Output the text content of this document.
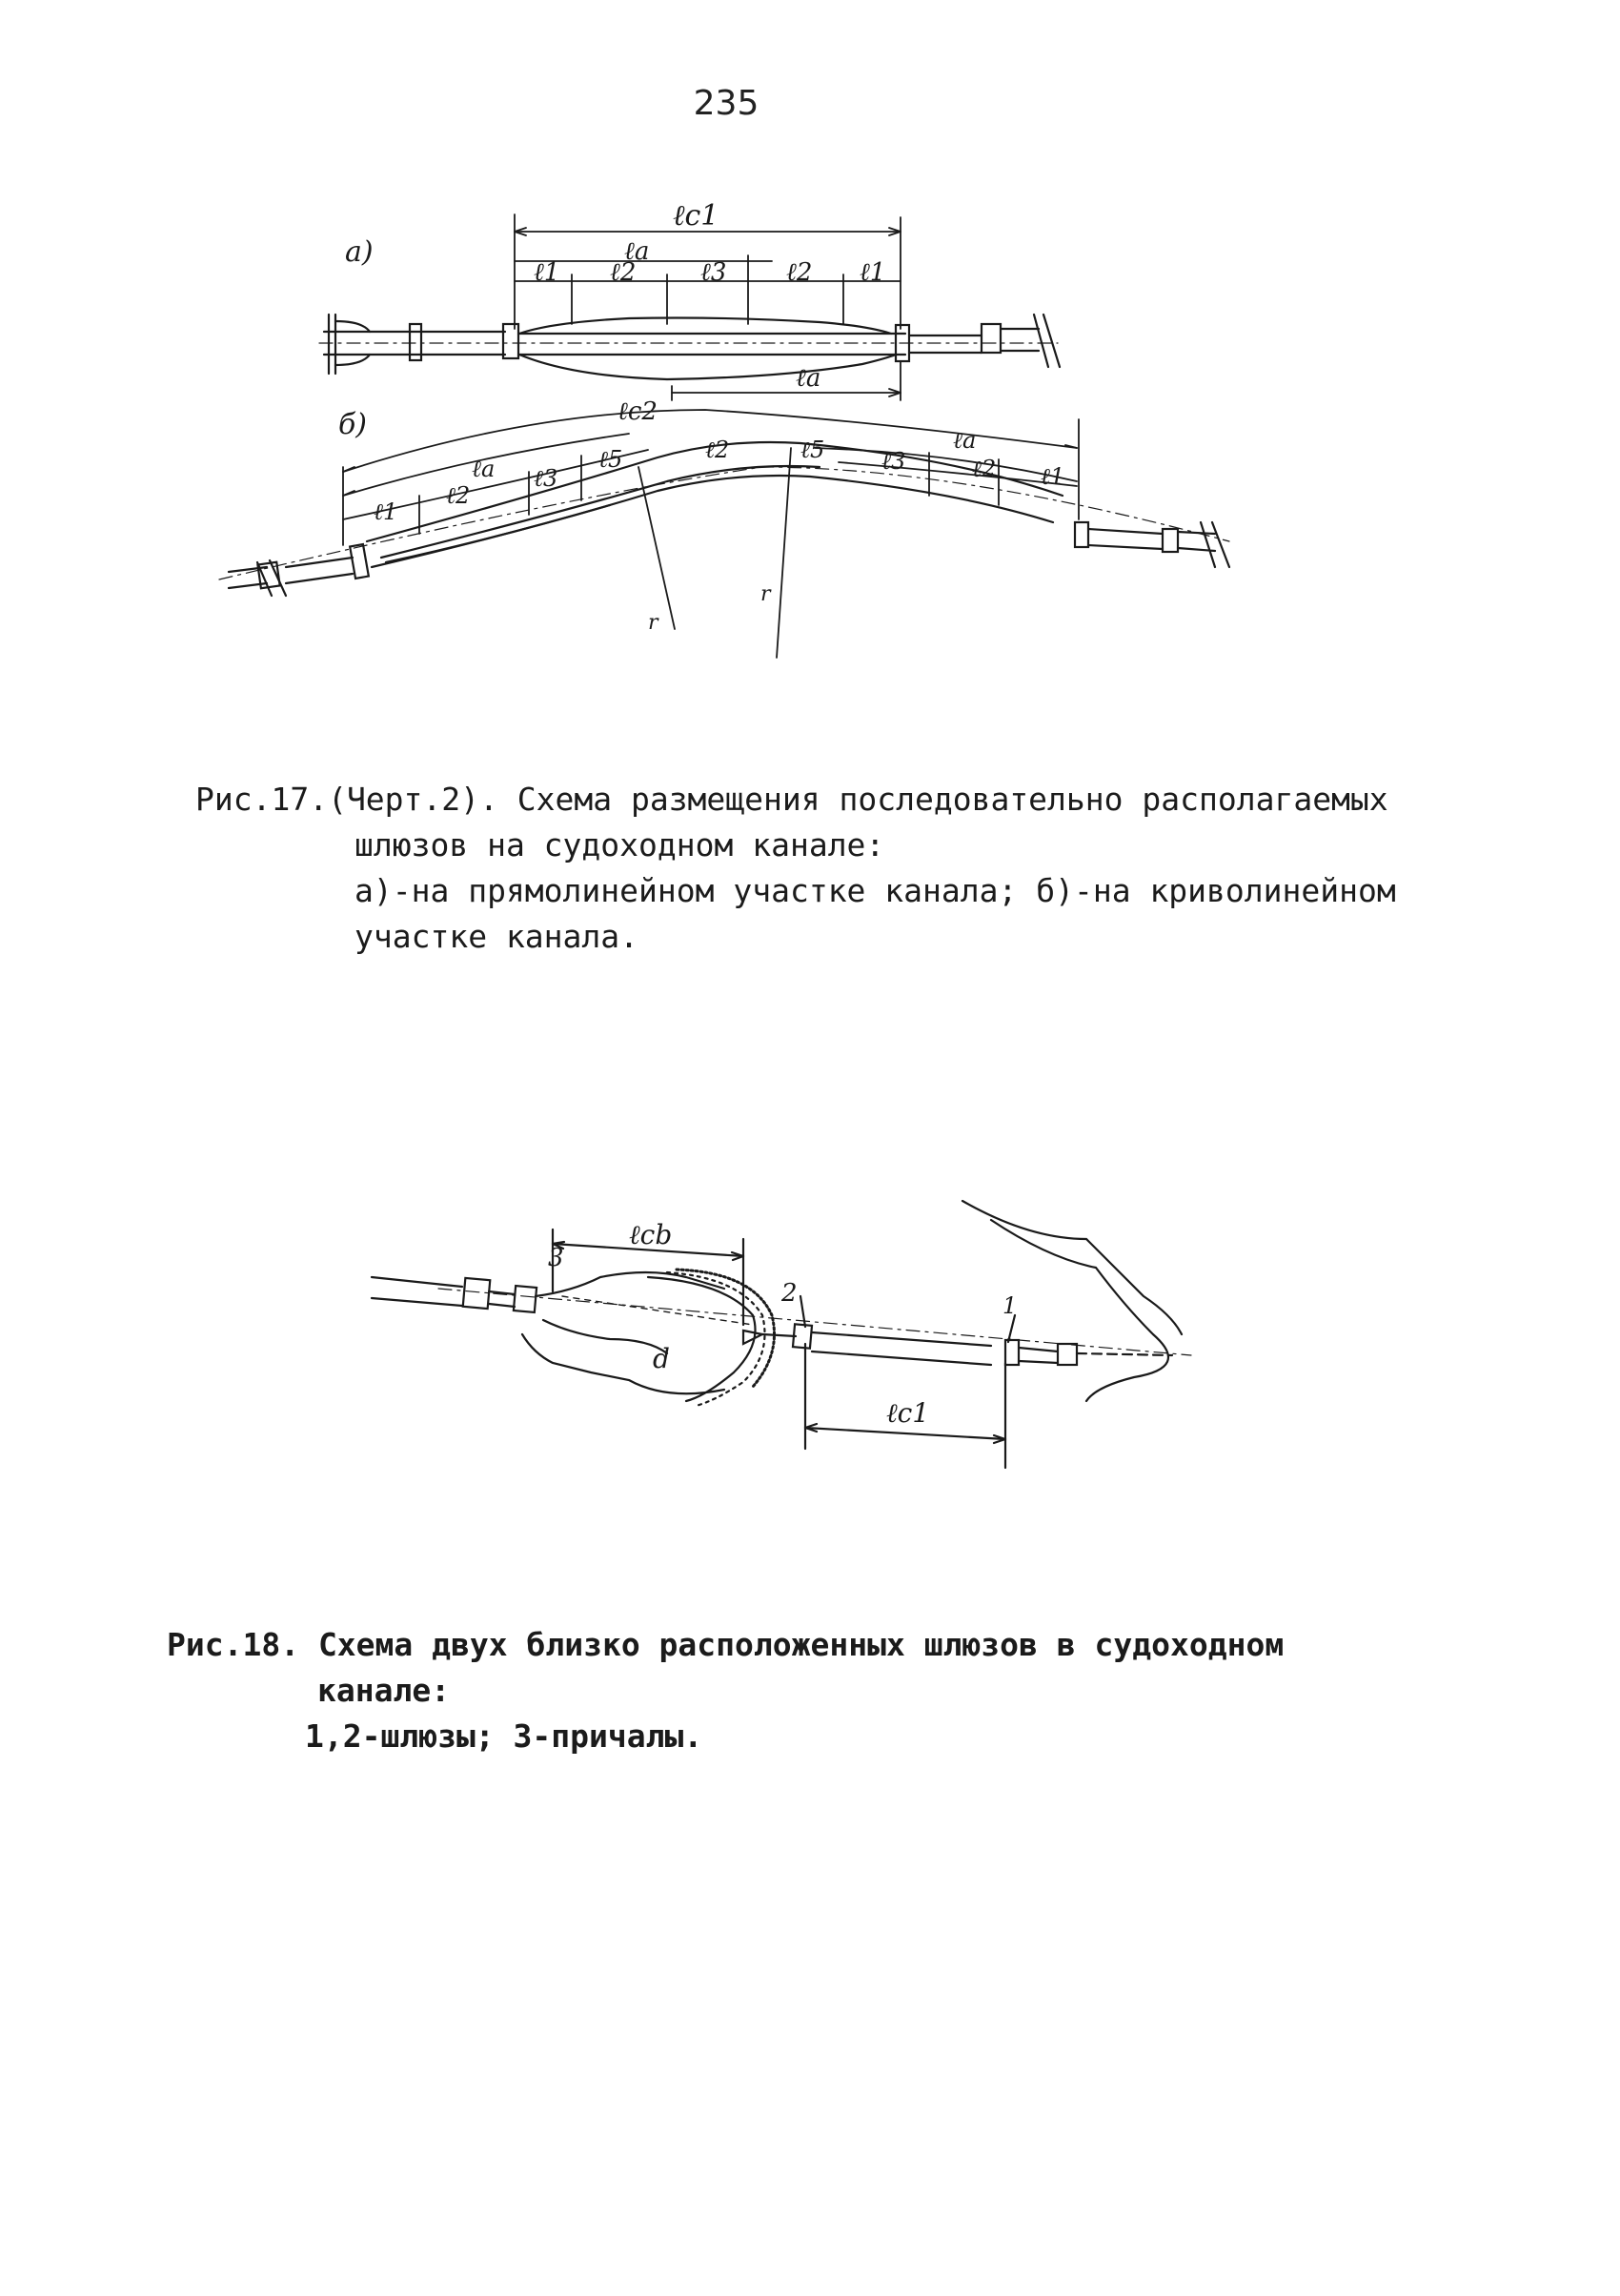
235
а)
ℓc1
ℓa
ℓ1 ℓ2	ℓ3 ℓ2 ℓ1
ℓa
б)	ℓc2
ℓa
ℓ1
ℓ2
ℓ3
ℓ5	ℓ2	ℓ5	ℓa
ℓ3	ℓ2 ℓ1
r
r
Рис.17.(Черт.2). Схема размещения последовательно располагаемых
шлюзов на судоходном канале:
а)-на прямолинейном участке канала; б)-на криволинейном
участке канала.
ℓcb
3
2	1
d
ℓc1
Рис.18. Схема двух близко расположенных шлюзов в судоходном
канале:
1,2-шлюзы; 3-причалы.
